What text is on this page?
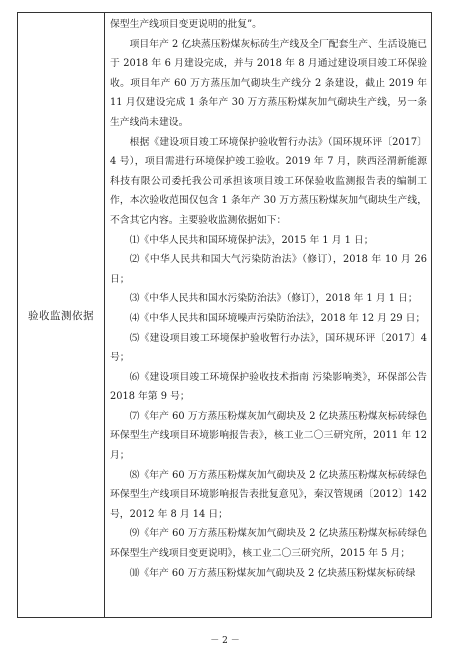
验收监测依据

保型生产线项目变更说明的批复”。

项目年产 2 亿块蒸压粉煤灰标砖生产线及全厂配套生产、生活设施已于 2018 年 6 月建设完成，并与 2018 年 8 月通过建设项目竣工环保验收。项目年产 60 万方蒸压加气砌块生产线分 2 条建设，截止 2019 年 11 月仅建设完成 1 条年产 30 万方蒸压粉煤灰加气砌块生产线，另一条生产线尚未建设。

根据《建设项目竣工环境保护验收暂行办法》（国环规环评〔2017〕4 号），项目需进行环境保护竣工验收。2019 年 7 月，陕西泾渭新能源科技有限公司委托我公司承担该项目竣工环保验收监测报告表的编制工作，本次验收范围仅包含 1 条年产 30 万方蒸压粉煤灰加气砌块生产线，不含其它内容。主要验收监测依据如下：

⑴《中华人民共和国环境保护法》，2015 年 1 月 1 日；

⑵《中华人民共和国大气污染防治法》（修订），2018 年 10 月 26 日；

⑶《中华人民共和国水污染防治法》（修订），2018 年 1 月 1 日；

⑷《中华人民共和国环境噪声污染防治法》，2018 年 12 月 29 日；

⑸《建设项目竣工环境保护验收暂行办法》，国环规环评〔2017〕4 号；

⑹《建设项目竣工环境保护验收技术指南 污染影响类》，环保部公告 2018 年第 9 号；

⑺《年产 60 万方蒸压粉煤灰加气砌块及 2 亿块蒸压粉煤灰标砖绿色环保型生产线项目环境影响报告表》，核工业二〇三研究所，2011 年 12 月；

⑻《年产 60 万方蒸压粉煤灰加气砌块及 2 亿块蒸压粉煤灰标砖绿色环保型生产线项目环境影响报告表批复意见》，秦汉管规函〔2012〕142 号，2012 年 8 月 14 日；

⑼《年产 60 万方蒸压粉煤灰加气砌块及 2 亿块蒸压粉煤灰标砖绿色环保型生产线项目变更说明》，核工业二〇三研究所，2015 年 5 月；

⑽《年产 60 万方蒸压粉煤灰加气砌块及 2 亿块蒸压粉煤灰标砖绿

－ 2 －
